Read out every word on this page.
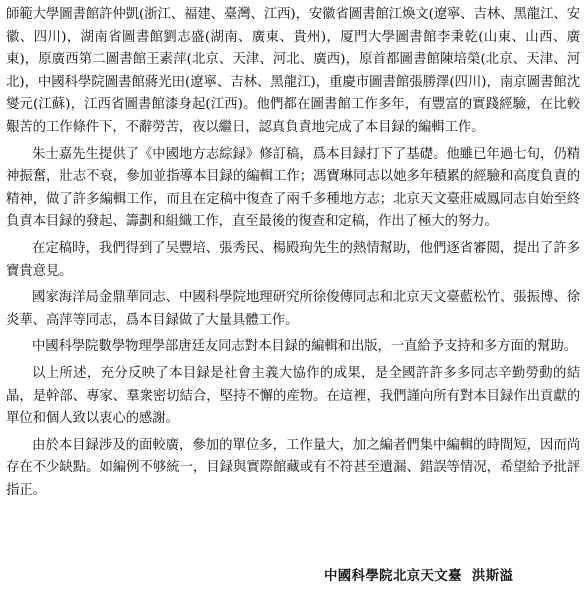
師範大學圖書館許仲凱(浙江、福建、臺灣、江西)，安徽省圖書館江煥文(遼寧、吉林、黑龍江、安徽、四川)，湖南省圖書館劉志盛(湖南、廣東、貴州)，厦門大學圖書館李秉乾(山東、山西、廣東)，原廣西第二圖書館王素萍(北京、天津、河北、廣西)，原首都圖書館陳培榮(北京、天津、河北)，中國科學院圖書館蔣光田(遼寧、吉林、黑龍江)，重慶市圖書館張勝澤(四川)，南京圖書館沈燮元(江蘇)，江西省圖書館漆身起(江西)。他們都在圖書館工作多年，有豐富的實踐經驗，在比較艱苦的工作條件下，不辭勞苦，夜以繼日，認真負責地完成了本目録的編輯工作。

朱士嘉先生提供了《中國地方志綜録》修訂稿，爲本目録打下了基礎。他雖已年過七旬，仍精神振奮，壯志不衰，參加並指導本目録的編輯工作；馮寶琳同志以她多年積累的經驗和高度負責的精神，做了許多編輯工作，而且在定稿中復查了兩千多種地方志；北京天文臺莊威鳳同志自始至終負責本目録的發起、籌劃和組織工作，直至最後的復查和定稿，作出了極大的努力。

在定稿時，我們得到了吴豐培、張秀民、楊殿珣先生的熱情幫助，他們逐省審閲，提出了許多寶貴意見。

國家海洋局金鼎華同志、中國科學院地理研究所徐俊傳同志和北京天文臺藍松竹、張振博、徐炎華、高萍等同志，爲本目録做了大量具體工作。

中國科學院數學物理學部唐廷友同志對本目録的編輯和出版，一直給予支持和多方面的幫助。

以上所述，充分反映了本目録是社會主義大協作的成果，是全國許許多多同志辛勤勞動的結晶，是幹部、專家、羣衆密切結合，堅持不懈的産物。在這裡，我們謹向所有對本目録作出貢獻的單位和個人致以衷心的感謝。

由於本目録涉及的面較廣，參加的單位多，工作量大，加之編者們集中編輯的時間短，因而尚存在不少缺點。如編例不够統一，目録與實際館藏或有不符甚至遺漏、錯誤等情况，希望給予批評指正。

中國科學院北京天文臺 洪斯溢
